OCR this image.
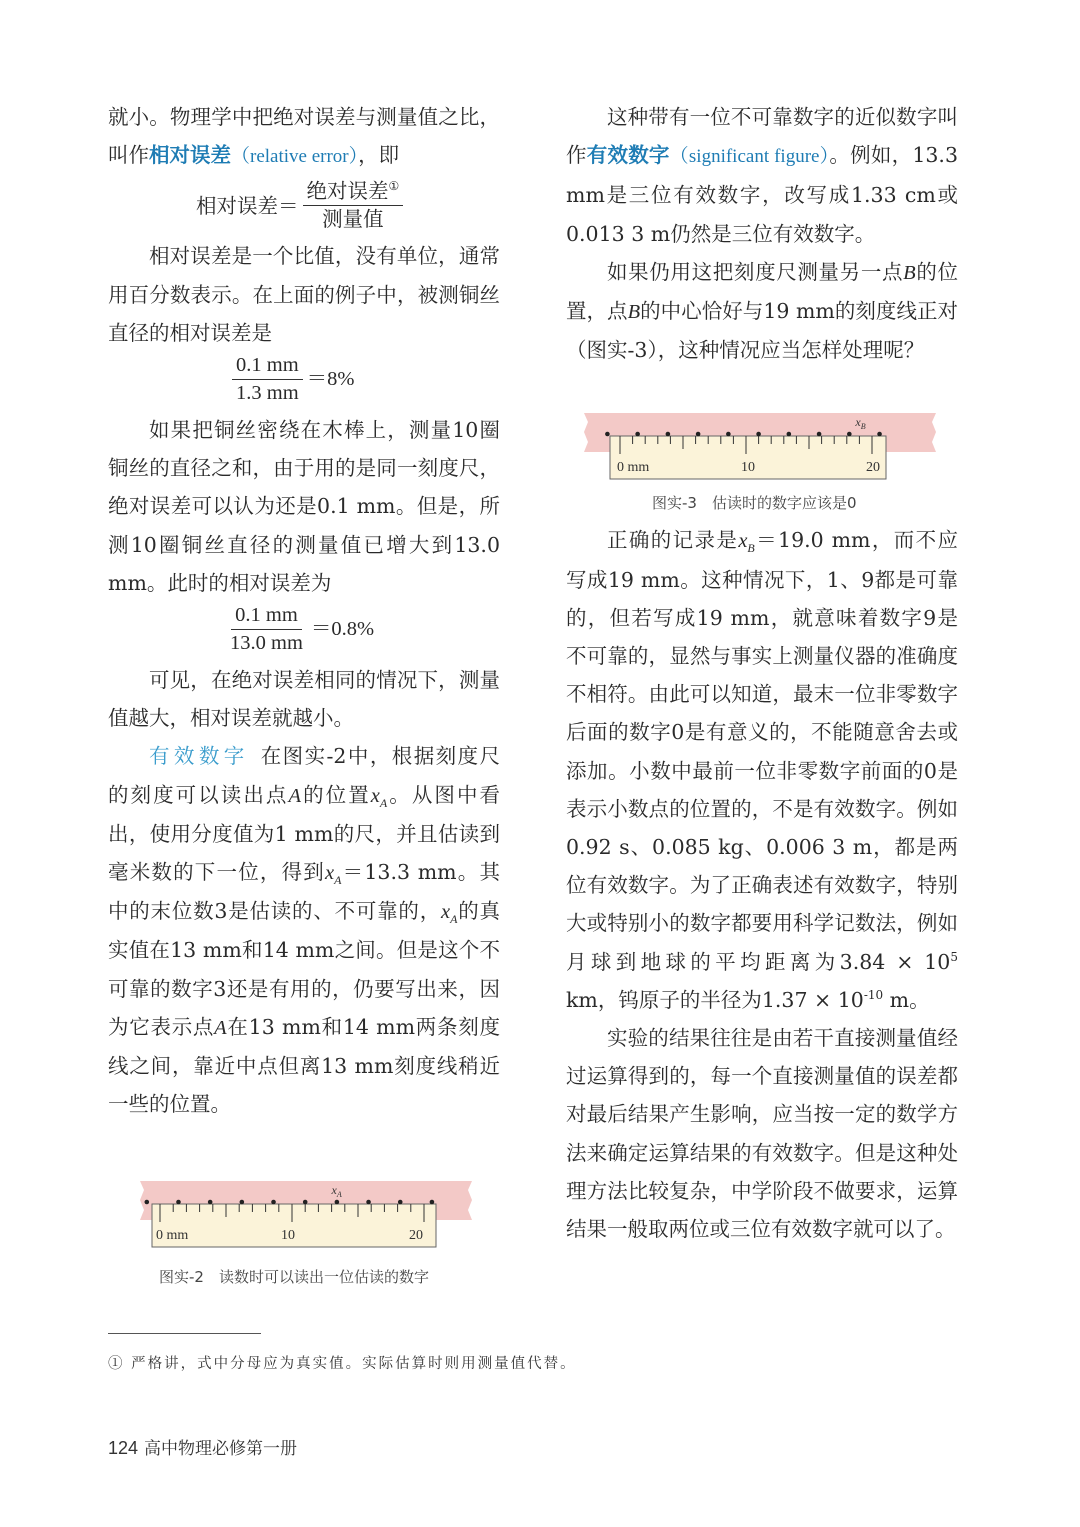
就小。物理学中把绝对误差与测量值之比，叫作相对误差（relative error），即

相对误差＝ $\frac{绝对误差^①}{\text{测量值}}$

相对误差是一个比值，没有单位，通常用百分数表示。在上面的例子中，被测铜丝直径的相对误差是

$\frac{0.1 mm}{1.3 mm} =8\%$

如果把铜丝密绕在木棒上，测量10圈铜丝的直径之和，由于用的是同一刻度尺，绝对误差可以认为还是0.1 mm。但是，所测10圈铜丝直径的测量值已增大到13.0 mm。此时的相对误差为

$\frac{0.1 mm}{13.0 mm} =0.8\%$

可见，在绝对误差相同的情况下，测量值越大，相对误差就越小。

有效数字 在图实-2中，根据刻度尺的刻度可以读出点A的位置$x_A$。从图中看出，使用分度值为1 mm的尺，并且估读到毫米数的下一位，得到$x_A=13.3$ mm。其中的末位数3是估读的、不可靠的，$x_A$的真实值在13 mm和14 mm之间。但是这个不可靠的数字3还是有用的，仍要写出来，因为它表示点A在13 mm和14 mm两条刻度线之间，靠近中点但离13 mm刻度线稍近一些的位置。

0 mm	10	20
$x_A$
图实-2　读数时可以读出一位估读的数字

这种带有一位不可靠数字的近似数字叫作有效数字（significant figure）。例如，13.3 mm是三位有效数字，改写成1.33 cm或0.013 3 m仍然是三位有效数字。

如果仍用这把刻度尺测量另一点B的位置，点B的中心恰好与19 mm的刻度线正对（图实-3），这种情况应当怎样处理呢？

正确的记录是$x_B=19.0$ mm，而不应写成19 mm。这种情况下，1、9都是可靠的，但若写成19 mm，就意味着数字9是不可靠的，显然与事实上测量仪器的准确度不相符。由此可以知道，最末一位非零数字后面的数字0是有意义的，不能随意舍去或添加。小数中最前一位非零数字前面的0是表示小数点的位置的，不是有效数字。例如0.92 s、0.085 kg、0.006 3 m，都是两位有效数字。为了正确表述有效数字，特别大或特别小的数字都要用科学记数法，例如月球到地球的平均距离为$3.84 \times 10^5$ km，钨原子的半径为$1.37 \times 10^{-10}$ m。

实验的结果往往是由若干直接测量值经过运算得到的，每一个直接测量值的误差都对最后结果产生影响，应当按一定的数学方法来确定运算结果的有效数字。但是这种处理方法比较复杂，中学阶段不做要求，运算结果一般取两位或三位有效数字就可以了。

0 mm	10	20
$x_B$
图实-3　估读时的数字应该是0
① 严格讲，式中分母应为真实值。实际估算时则用测量值代替。
124 高中物理必修第一册
